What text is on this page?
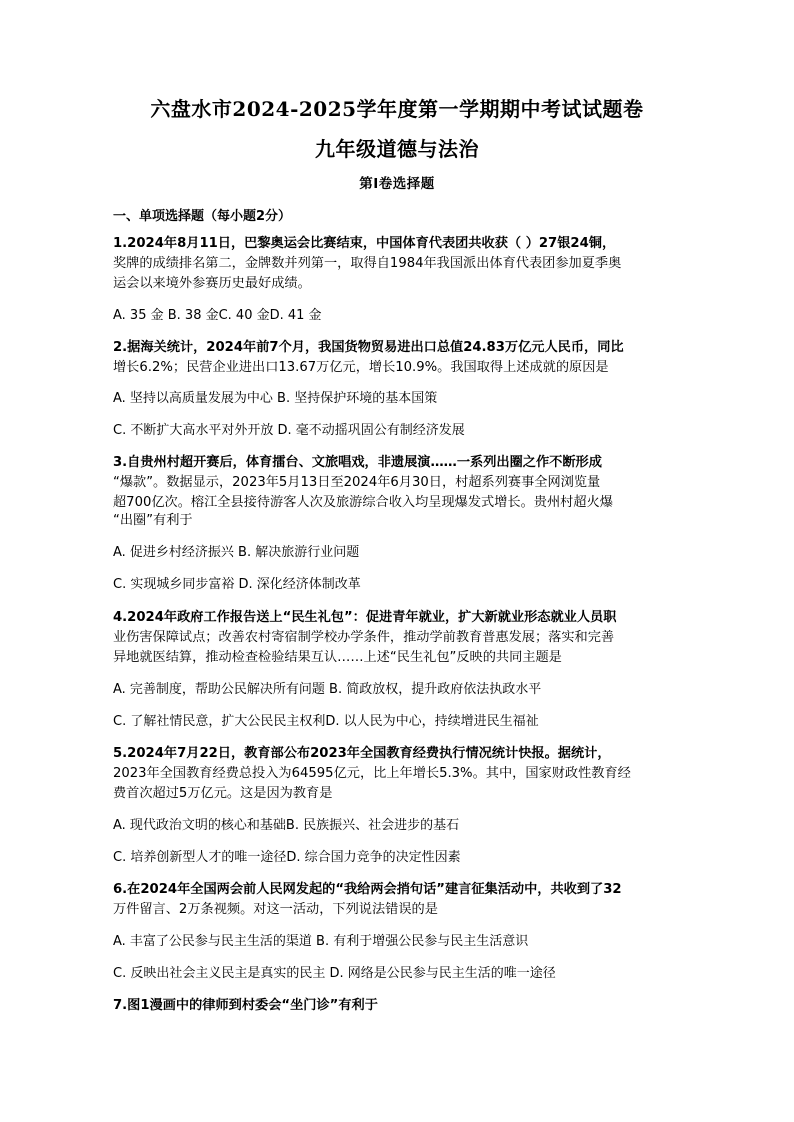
六盘水市2024-2025学年度第一学期期中考试试题卷
九年级道德与法治
第Ⅰ卷选择题
一、单项选择题（每小题2分）
1.2024年8月11日，巴黎奥运会比赛结束，中国体育代表团共收获（ ）27银24铜，
奖牌的成绩排名第二，金牌数并列第一，取得自1984年我国派出体育代表团参加夏季奥
运会以来境外参赛历史最好成绩。
A. 35 金 B. 38 金C. 40 金D. 41 金
2.据海关统计，2024年前7个月，我国货物贸易进出口总值24.83万亿元人民币，同比
增长6.2%；民营企业进出口13.67万亿元，增长10.9%。我国取得上述成就的原因是
A. 坚持以高质量发展为中心 B. 坚持保护环境的基本国策
C. 不断扩大高水平对外开放 D. 毫不动摇巩固公有制经济发展
3.自贵州村超开赛后，体育擂台、文旅唱戏，非遗展演……一系列出圈之作不断形成
“爆款”。数据显示，2023年5月13日至2024年6月30日，村超系列赛事全网浏览量
超700亿次。榕江全县接待游客人次及旅游综合收入均呈现爆发式增长。贵州村超火爆
“出圈”有利于
A. 促进乡村经济振兴 B. 解决旅游行业问题
C. 实现城乡同步富裕 D. 深化经济体制改革
4.2024年政府工作报告送上“民生礼包”：促进青年就业，扩大新就业形态就业人员职
业伤害保障试点；改善农村寄宿制学校办学条件，推动学前教育普惠发展；落实和完善
异地就医结算，推动检查检验结果互认……上述“民生礼包”反映的共同主题是
A. 完善制度，帮助公民解决所有问题 B. 简政放权，提升政府依法执政水平
C. 了解社情民意，扩大公民民主权利D. 以人民为中心，持续增进民生福祉
5.2024年7月22日，教育部公布2023年全国教育经费执行情况统计快报。据统计，
2023年全国教育经费总投入为64595亿元，比上年增长5.3%。其中，国家财政性教育经
费首次超过5万亿元。这是因为教育是
A. 现代政治文明的核心和基础B. 民族振兴、社会进步的基石
C. 培养创新型人才的唯一途径D. 综合国力竞争的决定性因素
6.在2024年全国两会前人民网发起的“我给两会捎句话”建言征集活动中，共收到了32
万件留言、2万条视频。对这一活动，下列说法错误的是
A. 丰富了公民参与民主生活的渠道 B. 有利于增强公民参与民主生活意识
C. 反映出社会主义民主是真实的民主 D. 网络是公民参与民主生活的唯一途径
7.图1漫画中的律师到村委会“坐门诊”有利于
